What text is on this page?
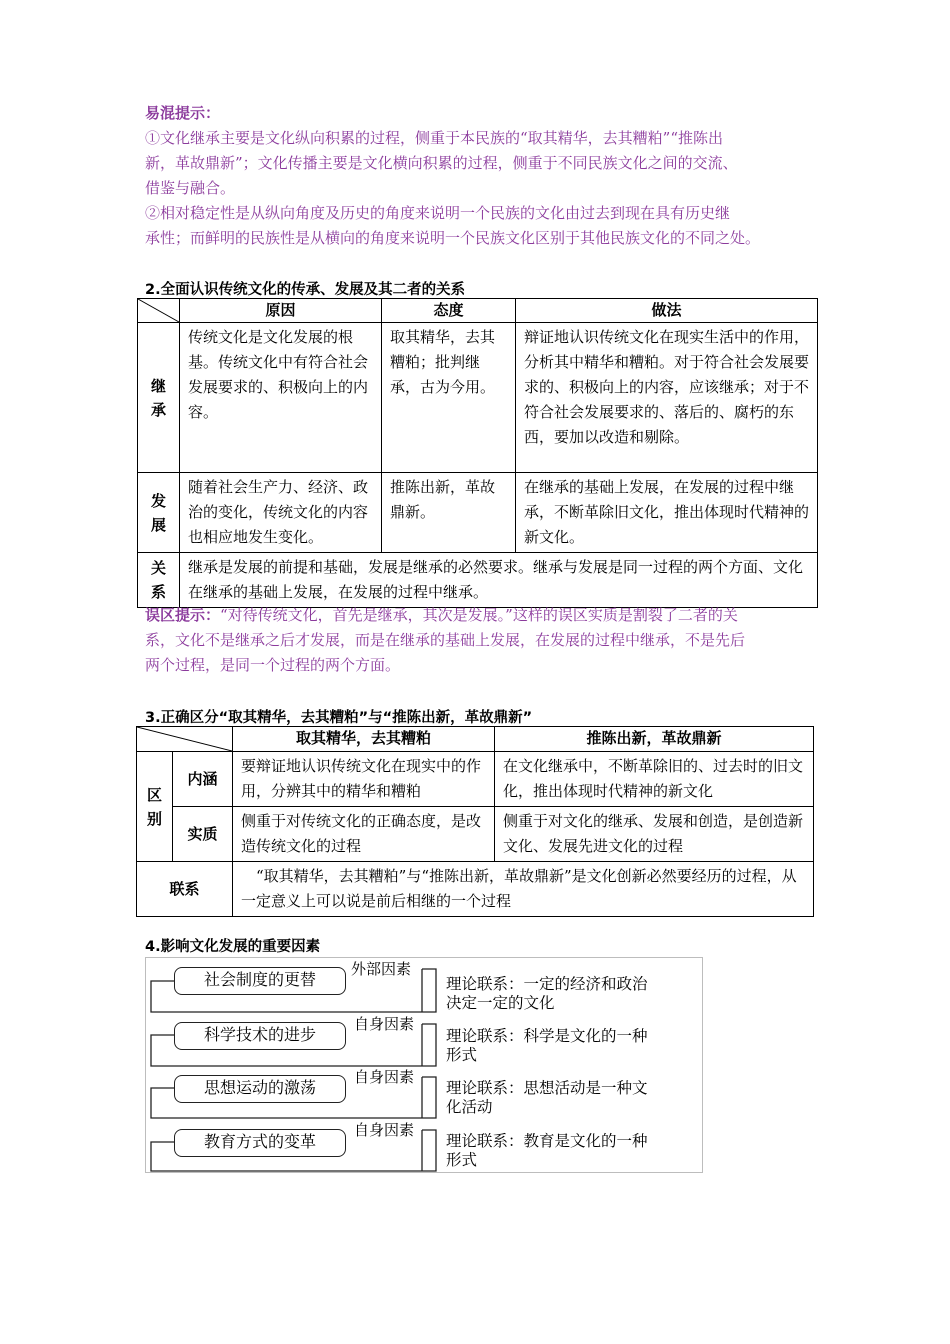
易混提示：
①文化继承主要是文化纵向积累的过程，侧重于本民族的“取其精华，去其糟粕”“推陈出
新，革故鼎新”；文化传播主要是文化横向积累的过程，侧重于不同民族文化之间的交流、
借鉴与融合。
②相对稳定性是从纵向角度及历史的角度来说明一个民族的文化由过去到现在具有历史继
承性；而鲜明的民族性是从横向的角度来说明一个民族文化区别于其他民族文化的不同之处。
2.全面认识传统文化的传承、发展及其二者的关系
	原因	态度	做法

继承	传统文化是文化发展的根基。传统文化中有符合社会发展要求的、积极向上的内容。	取其精华，去其糟粕；批判继承，古为今用。	辩证地认识传统文化在现实生活中的作用，分析其中精华和糟粕。对于符合社会发展要求的、积极向上的内容，应该继承；对于不符合社会发展要求的、落后的、腐朽的东西，要加以改造和剔除。

发展	随着社会生产力、经济、政治的变化，传统文化的内容也相应地发生变化。	推陈出新，革故鼎新。	在继承的基础上发展，在发展的过程中继承，不断革除旧文化，推出体现时代精神的新文化。

关系	继承是发展的前提和基础，发展是继承的必然要求。继承与发展是同一过程的两个方面、文化在继承的基础上发展，在发展的过程中继承。		
误区提示：“对待传统文化，首先是继承，其次是发展。”这样的误区实质是割裂了二者的关
系，文化不是继承之后才发展，而是在继承的基础上发展，在发展的过程中继承，不是先后
两个过程，是同一个过程的两个方面。
3.正确区分“取其精华，去其糟粕”与“推陈出新，革故鼎新”
	取其精华，去其糟粕	推陈出新，革故鼎新

区别	内涵	要辩证地认识传统文化在现实中的作用，分辨其中的精华和糟粕	在文化继承中，不断革除旧的、过去时的旧文化，推出体现时代精神的新文化
	实质	侧重于对传统文化的正确态度，是改造传统文化的过程	侧重于对文化的继承、发展和创造，是创造新文化、发展先进文化的过程
联系		“取其精华，去其糟粕”与“推陈出新，革故鼎新”是文化创新必然要经历的过程，从一定意义上可以说是前后相继的一个过程	
4.影响文化发展的重要因素
社会制度的更替
外部因素
理论联系：一定的经济和政治
决定一定的文化
科学技术的进步
自身因素
理论联系：科学是文化的一种
形式
思想运动的激荡
自身因素
理论联系：思想活动是一种文
化活动
教育方式的变革
自身因素
理论联系：教育是文化的一种
形式
